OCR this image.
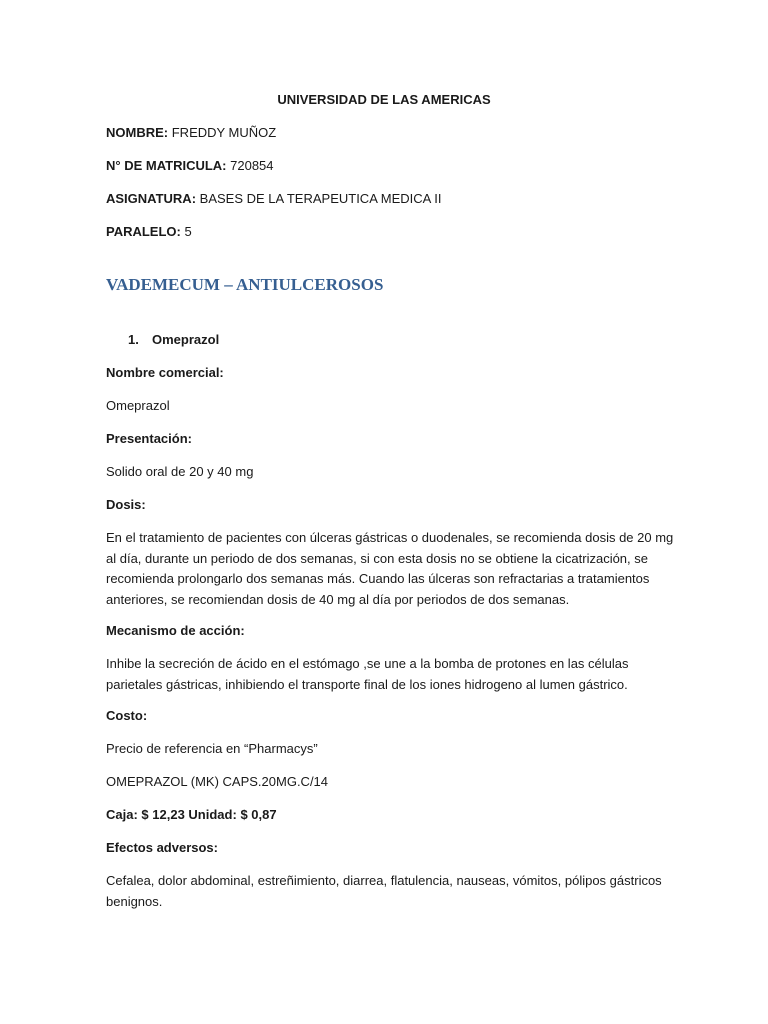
UNIVERSIDAD DE LAS AMERICAS

NOMBRE: FREDDY MUÑOZ

N° DE MATRICULA: 720854

ASIGNATURA: BASES DE LA TERAPEUTICA MEDICA II

PARALELO: 5

VADEMECUM – ANTIULCEROSOS

1. Omeprazol

Nombre comercial:

Omeprazol

Presentación:

Solido oral de 20 y 40 mg

Dosis:

En el tratamiento de pacientes con úlceras gástricas o duodenales, se recomienda dosis de 20 mg
al día, durante un periodo de dos semanas, si con esta dosis no se obtiene la cicatrización, se
recomienda prolongarlo dos semanas más. Cuando las úlceras son refractarias a tratamientos
anteriores, se recomiendan dosis de 40 mg al día por periodos de dos semanas.

Mecanismo de acción:

Inhibe la secreción de ácido en el estómago ,se une a la bomba de protones en las células
parietales gástricas, inhibiendo el transporte final de los iones hidrogeno al lumen gástrico.

Costo:

Precio de referencia en “Pharmacys”

OMEPRAZOL (MK) CAPS.20MG.C/14

Caja: $ 12,23 Unidad: $ 0,87

Efectos adversos:

Cefalea, dolor abdominal, estreñimiento, diarrea, flatulencia, nauseas, vómitos, pólipos gástricos
benignos.
